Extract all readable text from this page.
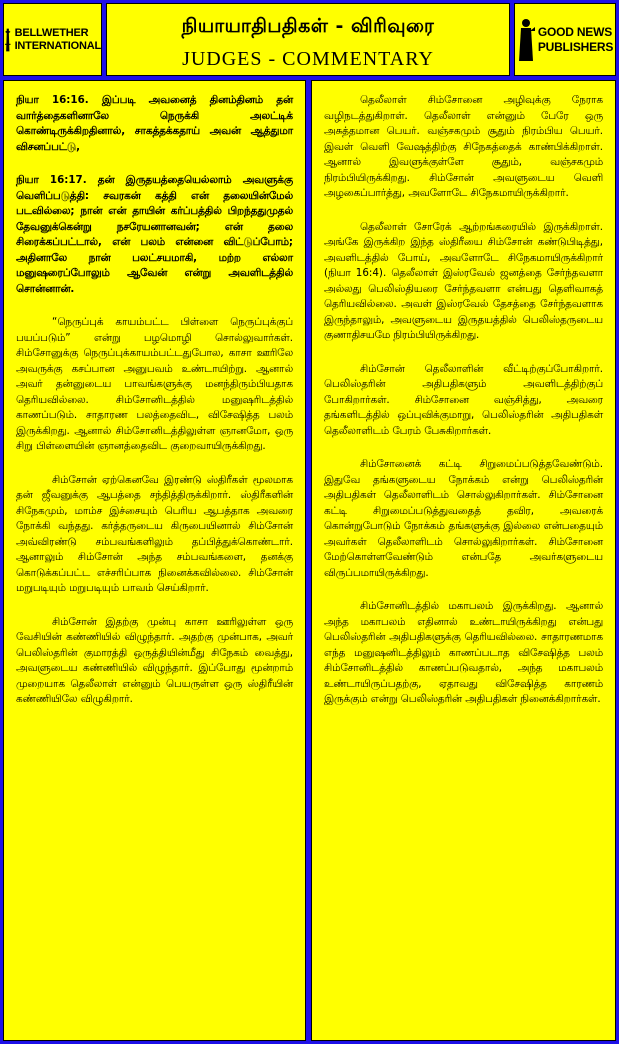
BELLWETHER
INTERNATIONAL
நியாயாதிபதிகள் - விரிவுரை
JUDGES - COMMENTARY
GOOD NEWS
PUBLISHERS

நியா 16:16. இப்படி அவனைத் தினம்தினம் தன் வார்த்தைகளினாலே நெருக்கி அலட்டிக் கொண்டிருக்கிறதினால், சாகத்தக்கதாய் அவன் ஆத்துமா விசனப்பட்டு,

நியா 16:17. தன் இருதயத்தையெல்லாம் அவளுக்கு வெளிப்படுத்தி: சவரகன் கத்தி என் தலையின்மேல் படவில்லை; நான் என் தாயின் கர்ப்பத்தில் பிறந்ததுமுதல் தேவனுக்கென்று நசரேயனானவன்; என் தலை சிரைக்கப்பட்டால், என் பலம் என்னை விட்டுப்போம்; அதினாலே நான் பலட்சயமாகி, மற்ற எல்லா மனுஷரைப்போலும் ஆவேன் என்று அவளிடத்தில் சொன்னான்.

“நெருப்புக் காயம்பட்ட பிள்ளை நெருப்புக்குப் பயப்படும்” என்று பழமொழி சொல்லுவார்கள். சிம்சோனுக்கு நெருப்புக்காயம்பட்டதுபோல, காசா ஊரிலே அவருக்கு கசப்பான அனுபவம் உண்டாயிற்று. ஆனால் அவர் தன்னுடைய பாவங்களுக்கு மனந்திரும்பியதாக தெரியவில்லை. சிம்சோனிடத்தில் மனுஷரிடத்தில் காணப்படும். சாதாரண பலத்தைவிட, விசேஷித்த பலம் இருக்கிறது. ஆனால் சிம்சோனிடத்திலுள்ள ஞானமோ, ஒரு சிறு பிள்ளையின் ஞானத்தைவிட குறைவாயிருக்கிறது.

சிம்சோன் ஏற்கெனவே இரண்டு ஸ்திரீகள் மூலமாக தன் ஜீவனுக்கு ஆபத்தை சந்தித்திருக்கிறார். ஸ்திரீகளின் சிநேகமும், மாம்ச இச்சையும் பெரிய ஆபத்தாக அவரை நோக்கி வந்தது. கர்த்தருடைய கிருபையினால் சிம்சோன் அவ்விரண்டு சம்பவங்களிலும் தப்பித்துக்கொண்டார். ஆனாலும் சிம்சோன் அந்த சம்பவங்களை, தனக்கு கொடுக்கப்பட்ட எச்சரிப்பாக நினைக்கவில்லை. சிம்சோன் மறுபடியும் மறுபடியும் பாவம் செய்கிறார்.

சிம்சோன் இதற்கு முன்பு காசா ஊரிலுள்ள ஒரு வேசியின் கண்ணியில் விழுந்தார். அதற்கு முன்பாக, அவர் பெலிஸ்தரின் குமாரத்தி ஒருத்தியின்மீது சிநேகம் வைத்து, அவளுடைய கண்ணியில் விழுந்தார். இப்போது மூன்றாம் முறையாக தெலீலாள் என்னும் பெயருள்ள ஒரு ஸ்திரீயின் கண்ணியிலே விழுகிறார்.

தெலீலாள் சிம்சோனை அழிவுக்கு நேராக வழிநடத்துகிறாள். தெலீலாள் என்னும் பேரே ஒரு அசுத்தமான பெயர். வஞ்சகமும் சூதும் நிரம்பிய பெயர். இவள் வெளி வேஷத்திற்கு சிநேகத்தைக் காண்பிக்கிறாள். ஆனால் இவளுக்குள்ளே சூதும், வஞ்சகமும் நிரம்பியிருக்கிறது. சிம்சோன் அவளுடைய வெளி அழகைப்பார்த்து, அவளோடே சிநேகமாயிருக்கிறார்.

தெலீலாள் சோரேக் ஆற்றங்கரையில் இருக்கிறாள். அங்கே இருக்கிற இந்த ஸ்திரீயை சிம்சோன் கண்டுபிடித்து, அவளிடத்தில் போய், அவளோடே சிநேகமாயிருக்கிறார் (நியா 16:4). தெலீலாள் இஸ்ரவேல் ஜனத்தை சேர்ந்தவளா அல்லது பெலிஸ்தியரை சேர்ந்தவளா என்பது தெளிவாகத் தெரியவில்லை. அவள் இஸ்ரவேல் தேசத்தை சேர்ந்தவளாக இருந்தாலும், அவளுடைய இருதயத்தில் பெலிஸ்தருடைய குணாதிசயமே நிரம்பியிருக்கிறது.

சிம்சோன் தெலீலாளின் வீட்டிற்குப்போகிறார். பெலிஸ்தரின் அதிபதிகளும் அவளிடத்திற்குப் போகிறார்கள். சிம்சோனை வஞ்சித்து, அவரை தங்களிடத்தில் ஒப்புவிக்குமாறு, பெலிஸ்தரின் அதிபதிகள் தெலீலாளிடம் பேரம் பேசுகிறார்கள்.

சிம்சோனைக் கட்டி சிறுமைப்படுத்தவேண்டும். இதுவே தங்களுடைய நோக்கம் என்று பெலிஸ்தரின் அதிபதிகள் தெலீலாளிடம் சொல்லுகிறார்கள். சிம்சோனை கட்டி சிறுமைப்படுத்துவதைத் தவிர, அவரைக் கொன்றுபோடும் நோக்கம் தங்களுக்கு இல்லை என்பதையும் அவர்கள் தெலீலாளிடம் சொல்லுகிறார்கள். சிம்சோனை மேற்கொள்ளவேண்டும் என்பதே அவர்களுடைய விருப்பமாயிருக்கிறது.

சிம்சோனிடத்தில் மகாபலம் இருக்கிறது. ஆனால் அந்த மகாபலம் எதினால் உண்டாயிருக்கிறது என்பது பெலிஸ்தரின் அதிபதிகளுக்கு தெரியவில்லை. சாதாரணமாக எந்த மனுஷனிடத்திலும் காணப்படாத விசேஷித்த பலம் சிம்சோனிடத்தில் காணப்படுவதால், அந்த மகாபலம் உண்டாயிருப்பதற்கு, ஏதாவது விசேஷித்த காரணம் இருக்கும் என்று பெலிஸ்தரின் அதிபதிகள் நினைக்கிறார்கள்.
